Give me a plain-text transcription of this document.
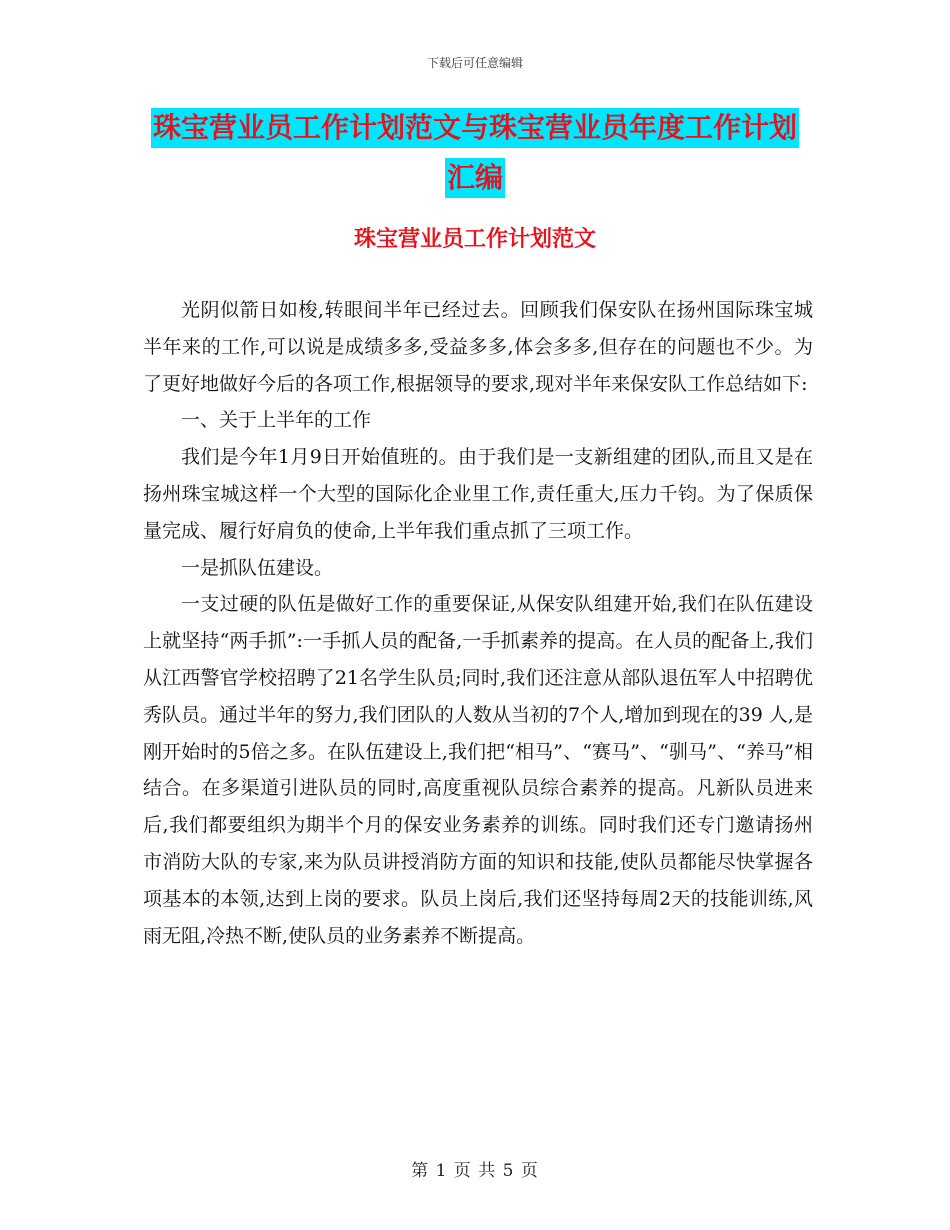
下载后可任意编辑
珠宝营业员工作计划范文与珠宝营业员年度工作计划
汇编
珠宝营业员工作计划范文

光阴似箭日如梭,转眼间半年已经过去。回顾我们保安队在扬州国际珠宝城半年来的工作,可以说是成绩多多,受益多多,体会多多,但存在的问题也不少。为了更好地做好今后的各项工作,根据领导的要求,现对半年来保安队工作总结如下:

一、关于上半年的工作

我们是今年1月9日开始值班的。由于我们是一支新组建的团队,而且又是在扬州珠宝城这样一个大型的国际化企业里工作,责任重大,压力千钧。为了保质保量完成、履行好肩负的使命,上半年我们重点抓了三项工作。

一是抓队伍建设。

一支过硬的队伍是做好工作的重要保证,从保安队组建开始,我们在队伍建设上就坚持“两手抓”:一手抓人员的配备,一手抓素养的提高。在人员的配备上,我们从江西警官学校招聘了21名学生队员;同时,我们还注意从部队退伍军人中招聘优秀队员。通过半年的努力,我们团队的人数从当初的7个人,增加到现在的39 人,是刚开始时的5倍之多。在队伍建设上,我们把“相马”、“赛马”、“驯马”、“养马”相结合。在多渠道引进队员的同时,高度重视队员综合素养的提高。凡新队员进来后,我们都要组织为期半个月的保安业务素养的训练。同时我们还专门邀请扬州市消防大队的专家,来为队员讲授消防方面的知识和技能,使队员都能尽快掌握各项基本的本领,达到上岗的要求。队员上岗后,我们还坚持每周2天的技能训练,风雨无阻,冷热不断,使队员的业务素养不断提高。

第 1 页 共 5 页
